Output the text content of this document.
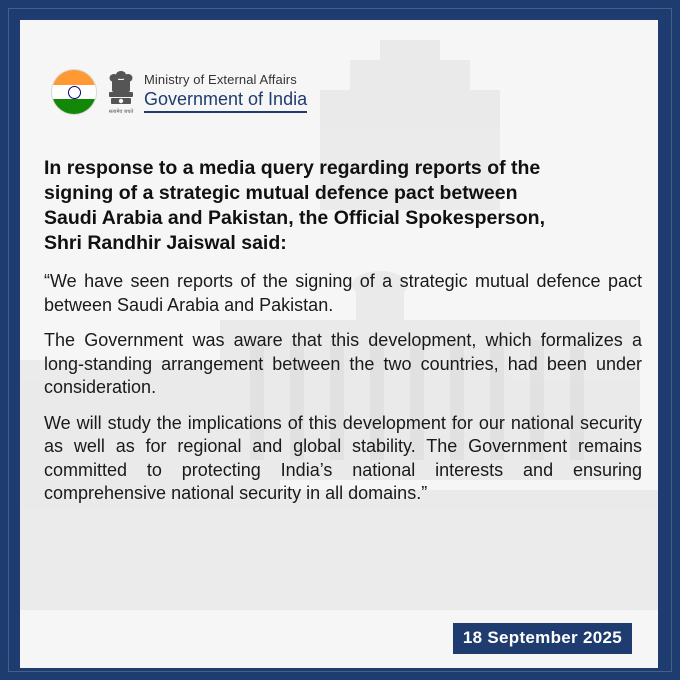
सत्यमेव जयते
Ministry of External Affairs
Government of India

In response to a media query regarding reports of the
signing of a strategic mutual defence pact between
Saudi Arabia and Pakistan, the Official Spokesperson,
Shri Randhir Jaiswal said:

“We have seen reports of the signing of a strategic mutual defence pact between Saudi Arabia and Pakistan.

The Government was aware that this development, which formalizes a long-standing arrangement between the two countries, had been under consideration.

We will study the implications of this development for our national security as well as for regional and global stability. The Government remains committed to protecting India’s national interests and ensuring comprehensive national security in all domains.”

18 September 2025
